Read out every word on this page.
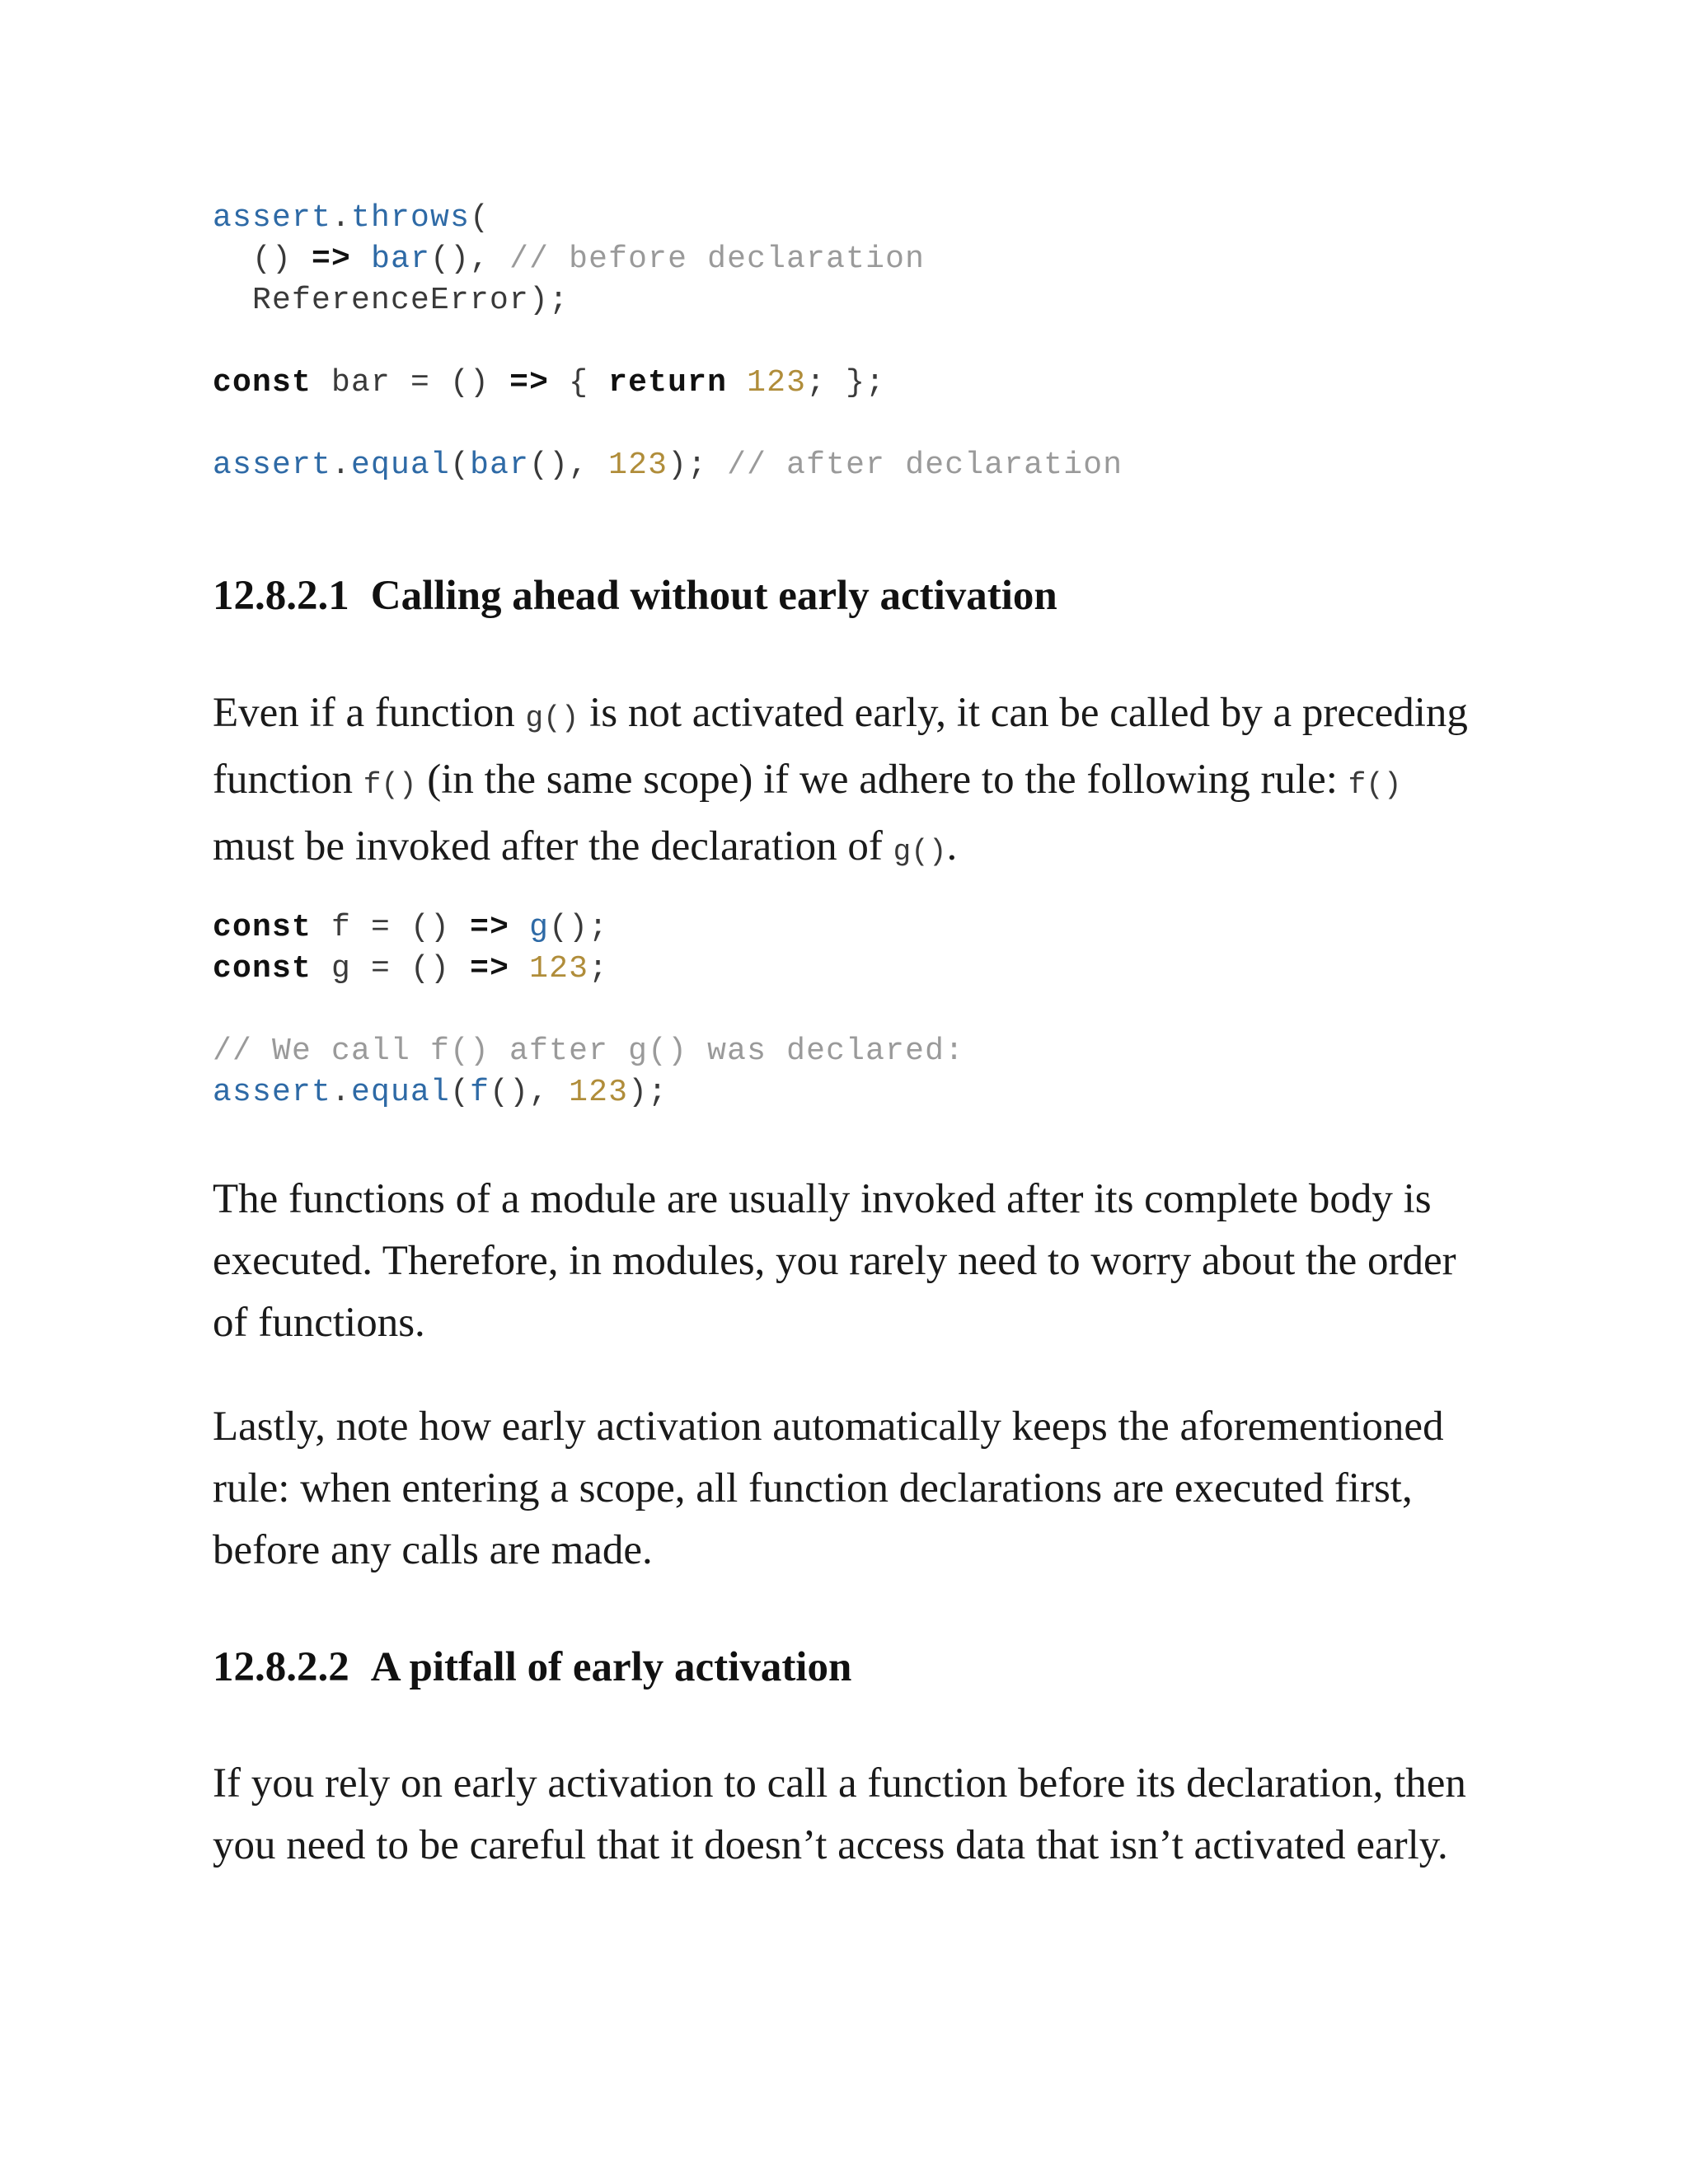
assert.throws(
() => bar(), // before declaration
ReferenceError);
const bar = () => { return 123; };
assert.equal(bar(), 123); // after declaration
12.8.2.1 Calling ahead without early activation

Even if a function g() is not activated early, it can be called by a preceding function f() (in the same scope) if we adhere to the following rule: f() must be invoked after the declaration of g().

const f = () => g();
const g = () => 123;
// We call f() after g() was declared:
assert.equal(f(), 123);

The functions of a module are usually invoked after its complete body is executed. Therefore, in modules, you rarely need to worry about the order of functions.

Lastly, note how early activation automatically keeps the aforementioned rule: when entering a scope, all function declarations are executed first, before any calls are made.

12.8.2.2 A pitfall of early activation

If you rely on early activation to call a function before its declaration, then you need to be careful that it doesn’t access data that isn’t activated early.
